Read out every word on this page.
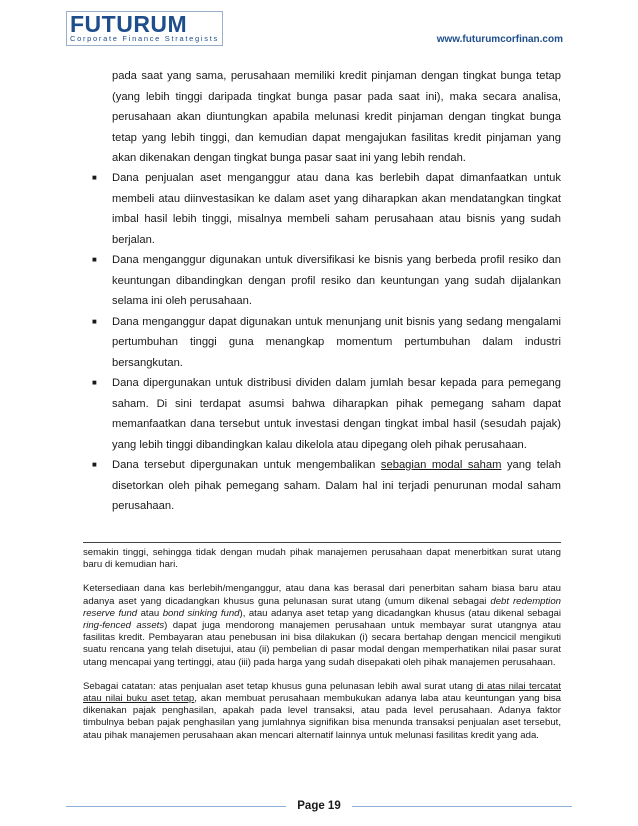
FUTURUM
Corporate Finance Strategists	www.futurumcorfinan.com

pada saat yang sama, perusahaan memiliki kredit pinjaman dengan tingkat bunga tetap (yang lebih tinggi daripada tingkat bunga pasar pada saat ini), maka secara analisa, perusahaan akan diuntungkan apabila melunasi kredit pinjaman dengan tingkat bunga tetap yang lebih tinggi, dan kemudian dapat mengajukan fasilitas kredit pinjaman yang akan dikenakan dengan tingkat bunga pasar saat ini yang lebih rendah.

■ Dana penjualan aset menganggur atau dana kas berlebih dapat dimanfaatkan untuk membeli atau diinvestasikan ke dalam aset yang diharapkan akan mendatangkan tingkat imbal hasil lebih tinggi, misalnya membeli saham perusahaan atau bisnis yang sudah berjalan.
■ Dana menganggur digunakan untuk diversifikasi ke bisnis yang berbeda profil resiko dan keuntungan dibandingkan dengan profil resiko dan keuntungan yang sudah dijalankan selama ini oleh perusahaan.
■ Dana menganggur dapat digunakan untuk menunjang unit bisnis yang sedang mengalami pertumbuhan tinggi guna menangkap momentum pertumbuhan dalam industri bersangkutan.
■ Dana dipergunakan untuk distribusi dividen dalam jumlah besar kepada para pemegang saham. Di sini terdapat asumsi bahwa diharapkan pihak pemegang saham dapat memanfaatkan dana tersebut untuk investasi dengan tingkat imbal hasil (sesudah pajak) yang lebih tinggi dibandingkan kalau dikelola atau dipegang oleh pihak perusahaan.
■ Dana tersebut dipergunakan untuk mengembalikan sebagian modal saham yang telah disetorkan oleh pihak pemegang saham. Dalam hal ini terjadi penurunan modal saham perusahaan.

semakin tinggi, sehingga tidak dengan mudah pihak manajemen perusahaan dapat menerbitkan surat utang baru di kemudian hari.

Ketersediaan dana kas berlebih/menganggur, atau dana kas berasal dari penerbitan saham biasa baru atau adanya aset yang dicadangkan khusus guna pelunasan surat utang (umum dikenal sebagai debt redemption reserve fund atau bond sinking fund), atau adanya aset tetap yang dicadangkan khusus (atau dikenal sebagai ring-fenced assets) dapat juga mendorong manajemen perusahaan untuk membayar surat utangnya atau fasilitas kredit. Pembayaran atau penebusan ini bisa dilakukan (i) secara bertahap dengan mencicil mengikuti suatu rencana yang telah disetujui, atau (ii) pembelian di pasar modal dengan memperhatikan nilai pasar surat utang mencapai yang tertinggi, atau (iii) pada harga yang sudah disepakati oleh pihak manajemen perusahaan.

Sebagai catatan: atas penjualan aset tetap khusus guna pelunasan lebih awal surat utang di atas nilai tercatat atau nilai buku aset tetap, akan membuat perusahaan membukukan adanya laba atau keuntungan yang bisa dikenakan pajak penghasilan, apakah pada level transaksi, atau pada level perusahaan. Adanya faktor timbulnya beban pajak penghasilan yang jumlahnya signifikan bisa menunda transaksi penjualan aset tersebut, atau pihak manajemen perusahaan akan mencari alternatif lainnya untuk melunasi fasilitas kredit yang ada.

Page 19
